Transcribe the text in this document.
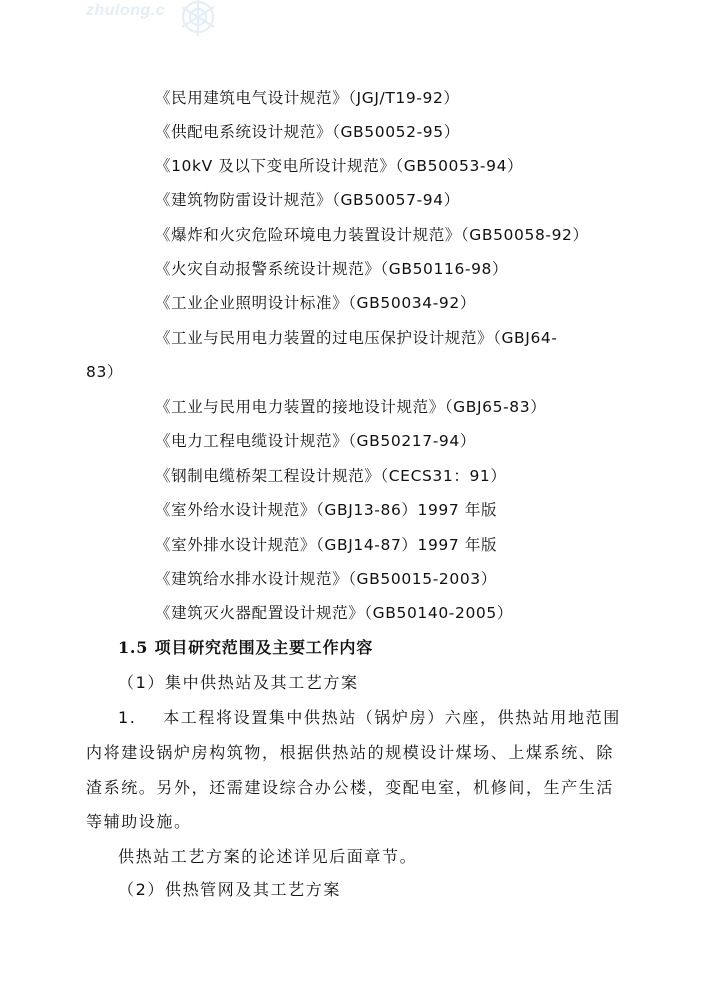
zhulong.c
《民用建筑电气设计规范》（JGJ/T19-92）
《供配电系统设计规范》（GB50052-95）
《10kV 及以下变电所设计规范》（GB50053-94）
《建筑物防雷设计规范》（GB50057-94）
《爆炸和火灾危险环境电力装置设计规范》（GB50058-92）
《火灾自动报警系统设计规范》（GB50116-98）
《工业企业照明设计标准》（GB50034-92）
《工业与民用电力装置的过电压保护设计规范》（GBJ64-
83）
《工业与民用电力装置的接地设计规范》（GBJ65-83）
《电力工程电缆设计规范》（GB50217-94）
《钢制电缆桥架工程设计规范》（CECS31：91）
《室外给水设计规范》（GBJ13-86）1997 年版
《室外排水设计规范》（GBJ14-87）1997 年版
《建筑给水排水设计规范》（GB50015-2003）
《建筑灭火器配置设计规范》（GB50140-2005）
1.5 项目研究范围及主要工作内容
（1）集中供热站及其工艺方案
1.    本工程将设置集中供热站（锅炉房）六座，供热站用地范围
内将建设锅炉房构筑物，根据供热站的规模设计煤场、上煤系统、除
渣系统。另外，还需建设综合办公楼，变配电室，机修间，生产生活
等辅助设施。
供热站工艺方案的论述详见后面章节。
（2）供热管网及其工艺方案
